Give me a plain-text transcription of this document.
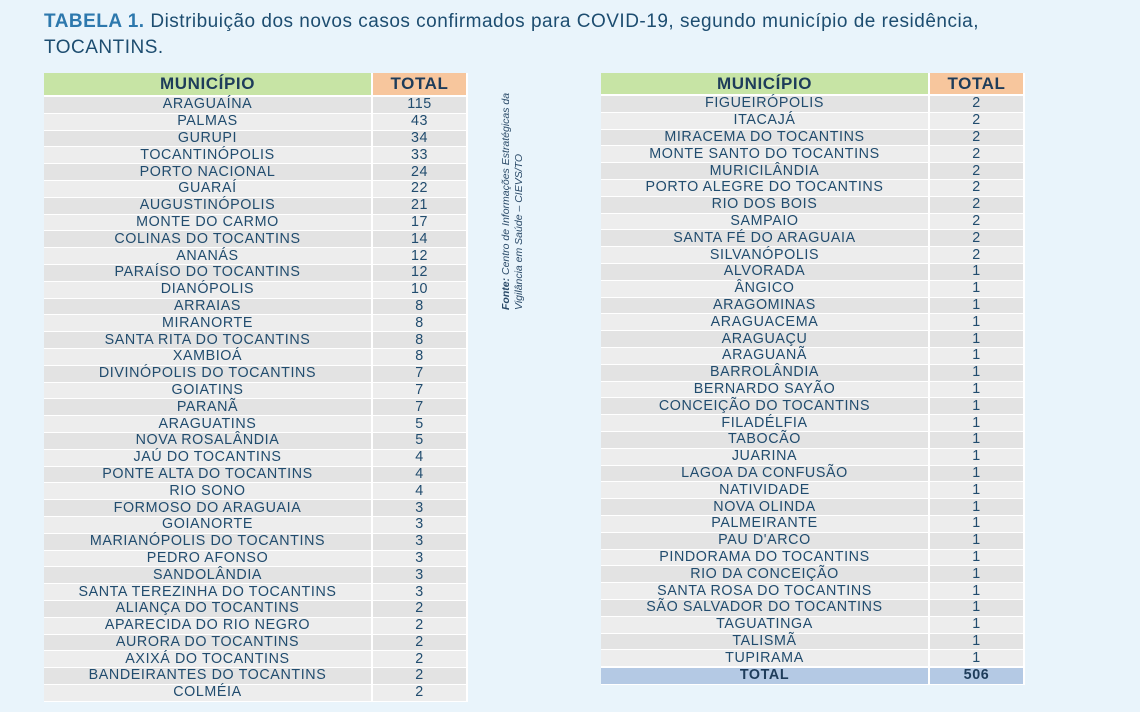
TABELA 1. Distribuição dos novos casos confirmados para COVID-19, segundo município de residência, TOCANTINS.
MUNICÍPIO	TOTAL
ARAGUAÍNA	115
PALMAS	43
GURUPI	34
TOCANTINÓPOLIS	33
PORTO NACIONAL	24
GUARAÍ	22
AUGUSTINÓPOLIS	21
MONTE DO CARMO	17
COLINAS DO TOCANTINS	14
ANANÁS	12
PARAÍSO DO TOCANTINS	12
DIANÓPOLIS	10
ARRAIAS	8
MIRANORTE	8
SANTA RITA DO TOCANTINS	8
XAMBIOÁ	8
DIVINÓPOLIS DO TOCANTINS	7
GOIATINS	7
PARANÃ	7
ARAGUATINS	5
NOVA ROSALÂNDIA	5
JAÚ DO TOCANTINS	4
PONTE ALTA DO TOCANTINS	4
RIO SONO	4
FORMOSO DO ARAGUAIA	3
GOIANORTE	3
MARIANÓPOLIS DO TOCANTINS	3
PEDRO AFONSO	3
SANDOLÂNDIA	3
SANTA TEREZINHA DO TOCANTINS	3
ALIANÇA DO TOCANTINS	2
APARECIDA DO RIO NEGRO	2
AURORA DO TOCANTINS	2
AXIXÁ DO TOCANTINS	2
BANDEIRANTES DO TOCANTINS	2
COLMÉIA	2
Fonte: Centro de Informações Estratégicas da Vigilância em Saúde – CIEVS/TO
MUNICÍPIO	TOTAL
FIGUEIRÓPOLIS	2
ITACAJÁ	2
MIRACEMA DO TOCANTINS	2
MONTE SANTO DO TOCANTINS	2
MURICILÂNDIA	2
PORTO ALEGRE DO TOCANTINS	2
RIO DOS BOIS	2
SAMPAIO	2
SANTA FÉ DO ARAGUAIA	2
SILVANÓPOLIS	2
ALVORADA	1
ÂNGICO	1
ARAGOMINAS	1
ARAGUACEMA	1
ARAGUAÇU	1
ARAGUANÃ	1
BARROLÂNDIA	1
BERNARDO SAYÃO	1
CONCEIÇÃO DO TOCANTINS	1
FILADÉLFIA	1
TABOCÃO	1
JUARINA	1
LAGOA DA CONFUSÃO	1
NATIVIDADE	1
NOVA OLINDA	1
PALMEIRANTE	1
PAU D'ARCO	1
PINDORAMA DO TOCANTINS	1
RIO DA CONCEIÇÃO	1
SANTA ROSA DO TOCANTINS	1
SÃO SALVADOR DO TOCANTINS	1
TAGUATINGA	1
TALISMÃ	1
TUPIRAMA	1
TOTAL	506
